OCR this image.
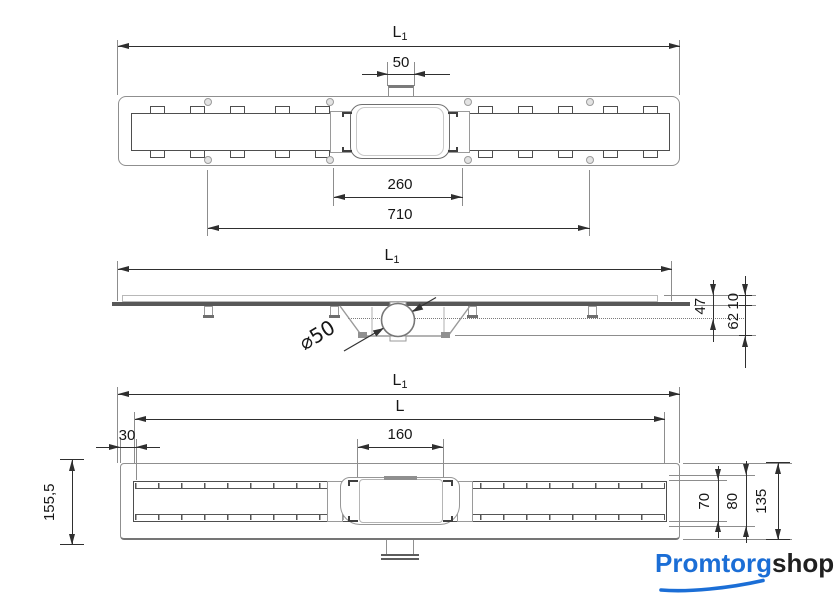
$L_1$
50
260
710
$L_1$
⌀50
47 10
62
$L_1$
L
30	160
155,5	70 80 135
Promtorgshop
